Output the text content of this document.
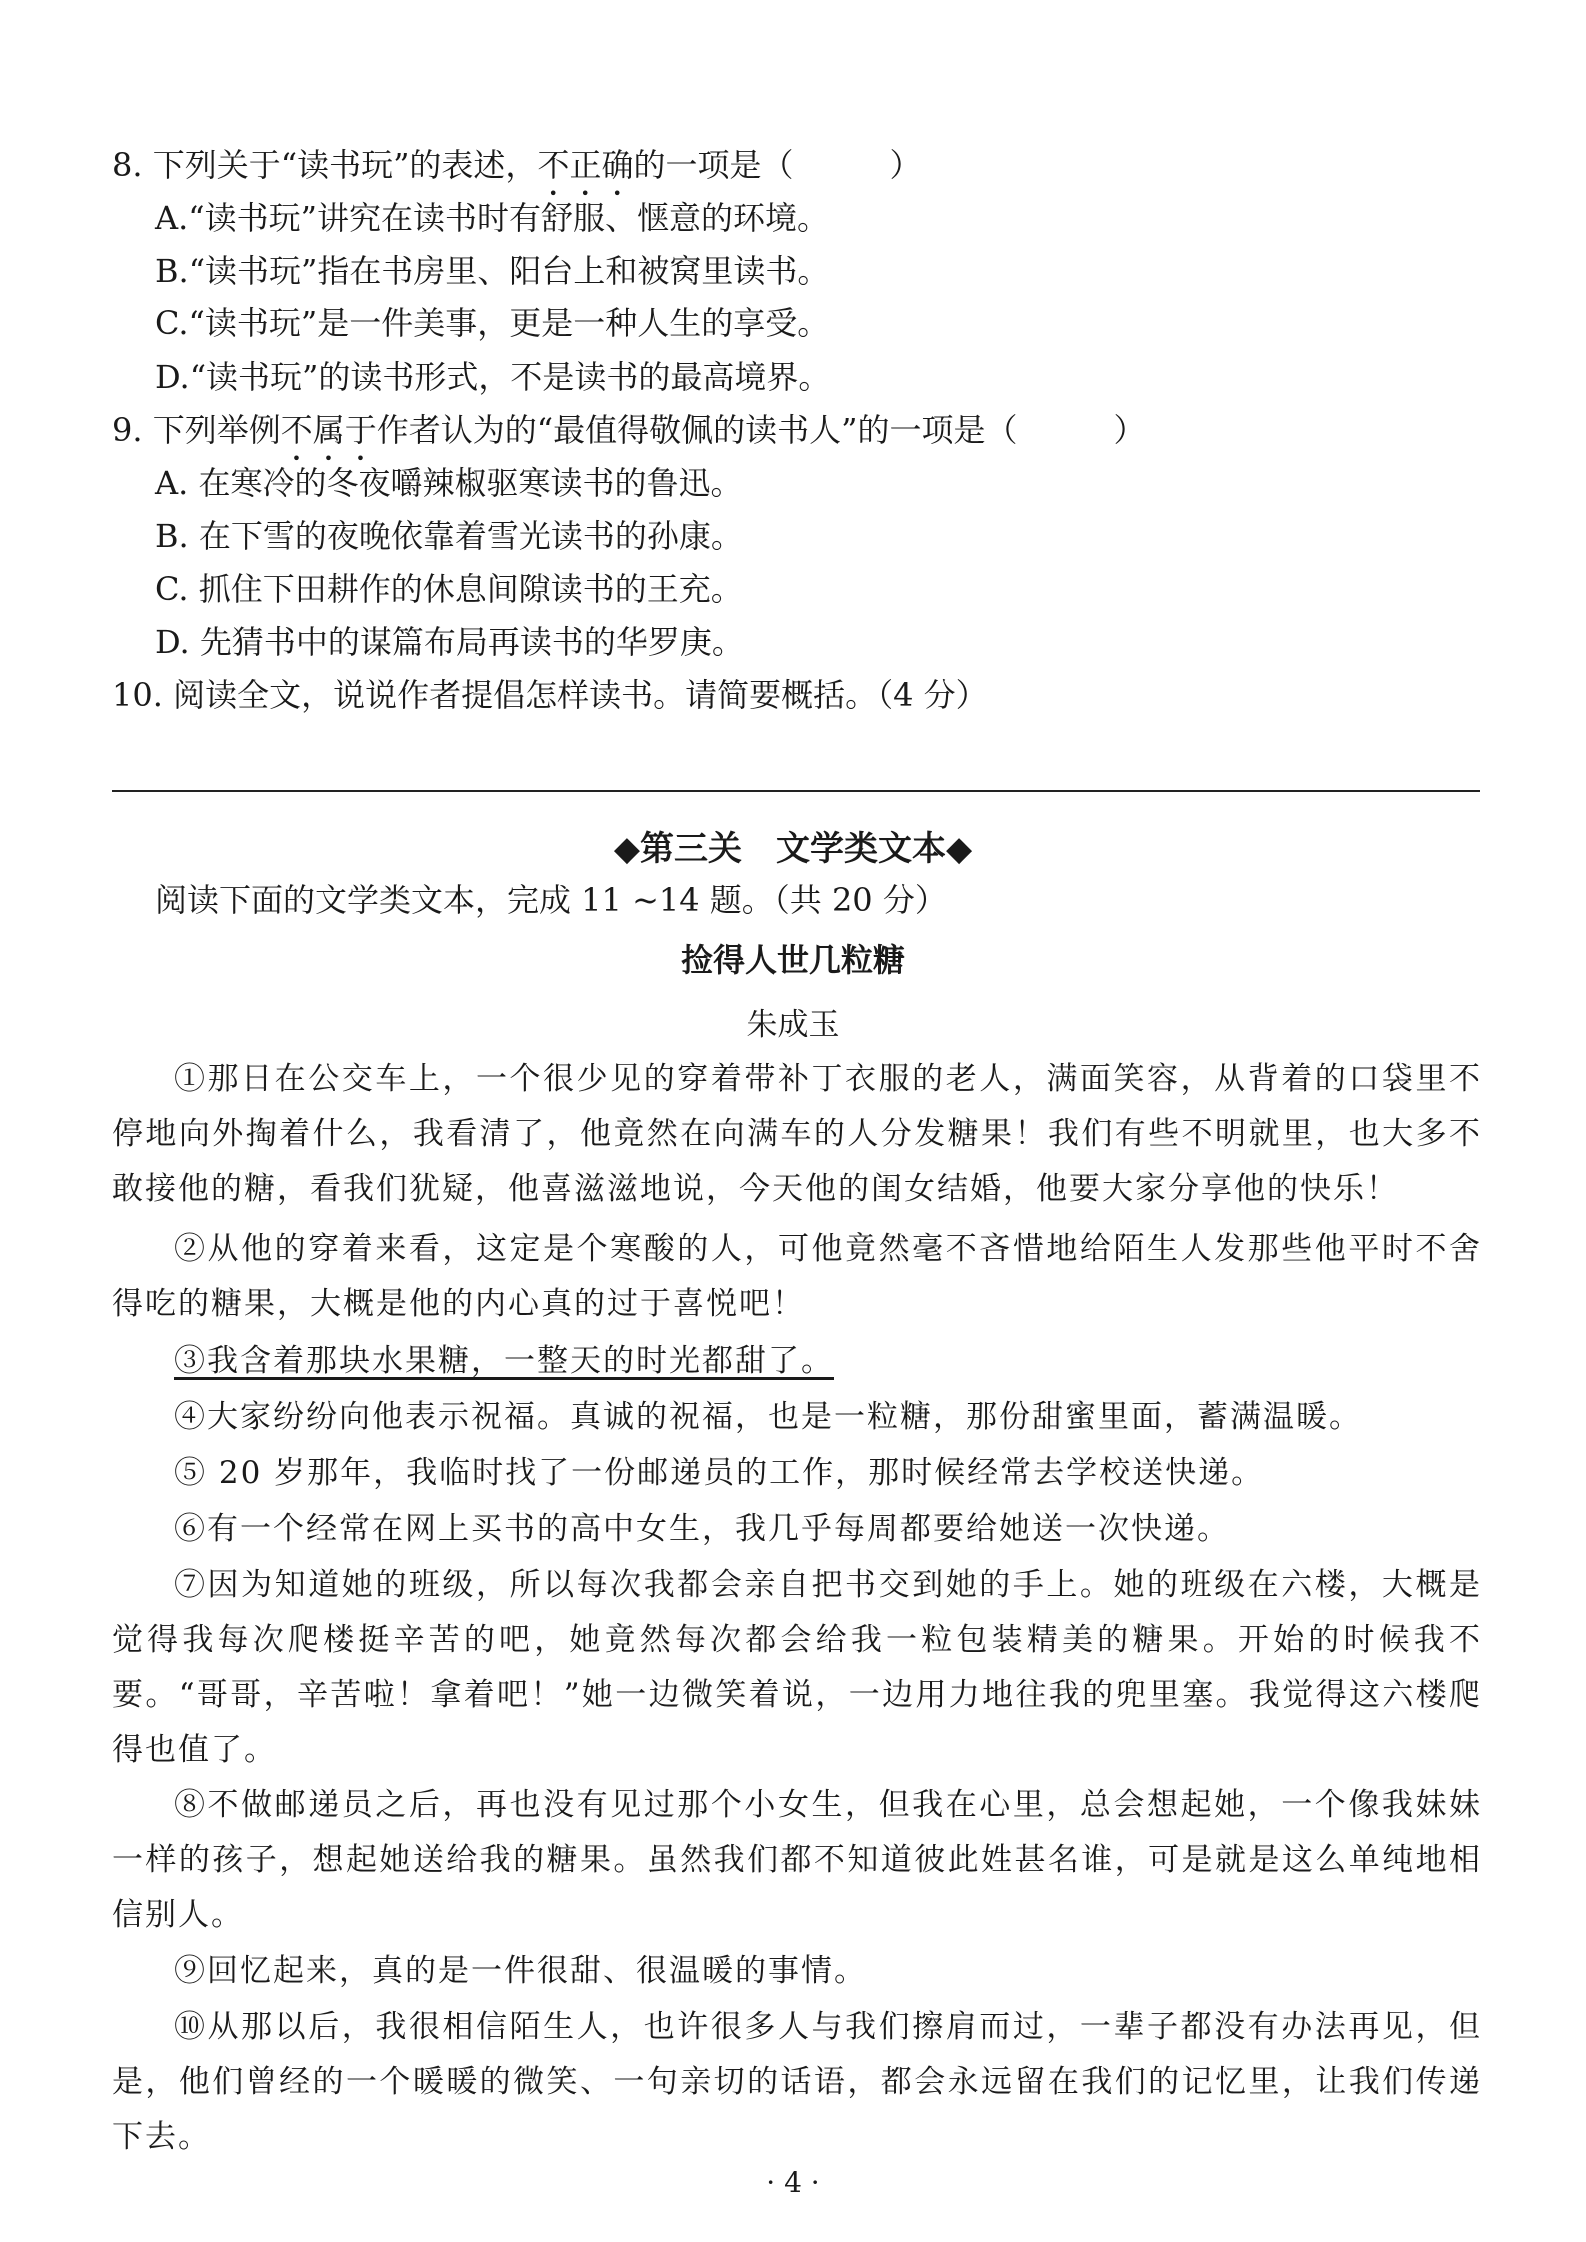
8. 下列关于“读书玩”的表述，不正确的一项是（　　　）
A.“读书玩”讲究在读书时有舒服、惬意的环境。
B.“读书玩”指在书房里、阳台上和被窝里读书。
C.“读书玩”是一件美事，更是一种人生的享受。
D.“读书玩”的读书形式，不是读书的最高境界。
9. 下列举例不属于作者认为的“最值得敬佩的读书人”的一项是（　　　）
A. 在寒冷的冬夜嚼辣椒驱寒读书的鲁迅。
B. 在下雪的夜晚依靠着雪光读书的孙康。
C. 抓住下田耕作的休息间隙读书的王充。
D. 先猜书中的谋篇布局再读书的华罗庚。
10. 阅读全文，说说作者提倡怎样读书。请简要概括。（4 分）
◆第三关　文学类文本◆
阅读下面的文学类文本，完成 11 ~14 题。（共 20 分）
捡得人世几粒糖
朱成玉

①那日在公交车上，一个很少见的穿着带补丁衣服的老人，满面笑容，从背着的口袋里不停地向外掏着什么，我看清了，他竟然在向满车的人分发糖果！我们有些不明就里，也大多不敢接他的糖，看我们犹疑，他喜滋滋地说，今天他的闺女结婚，他要大家分享他的快乐！

②从他的穿着来看，这定是个寒酸的人，可他竟然毫不吝惜地给陌生人发那些他平时不舍得吃的糖果，大概是他的内心真的过于喜悦吧！

③我含着那块水果糖，一整天的时光都甜了。

④大家纷纷向他表示祝福。真诚的祝福，也是一粒糖，那份甜蜜里面，蓄满温暖。

⑤ 20 岁那年，我临时找了一份邮递员的工作，那时候经常去学校送快递。

⑥有一个经常在网上买书的高中女生，我几乎每周都要给她送一次快递。

⑦因为知道她的班级，所以每次我都会亲自把书交到她的手上。她的班级在六楼，大概是觉得我每次爬楼挺辛苦的吧，她竟然每次都会给我一粒包装精美的糖果。开始的时候我不要。“哥哥，辛苦啦！拿着吧！”她一边微笑着说，一边用力地往我的兜里塞。我觉得这六楼爬得也值了。

⑧不做邮递员之后，再也没有见过那个小女生，但我在心里，总会想起她，一个像我妹妹一样的孩子，想起她送给我的糖果。虽然我们都不知道彼此姓甚名谁，可是就是这么单纯地相信别人。

⑨回忆起来，真的是一件很甜、很温暖的事情。

⑩从那以后，我很相信陌生人，也许很多人与我们擦肩而过，一辈子都没有办法再见，但是，他们曾经的一个暖暖的微笑、一句亲切的话语，都会永远留在我们的记忆里，让我们传递下去。

· 4 ·
